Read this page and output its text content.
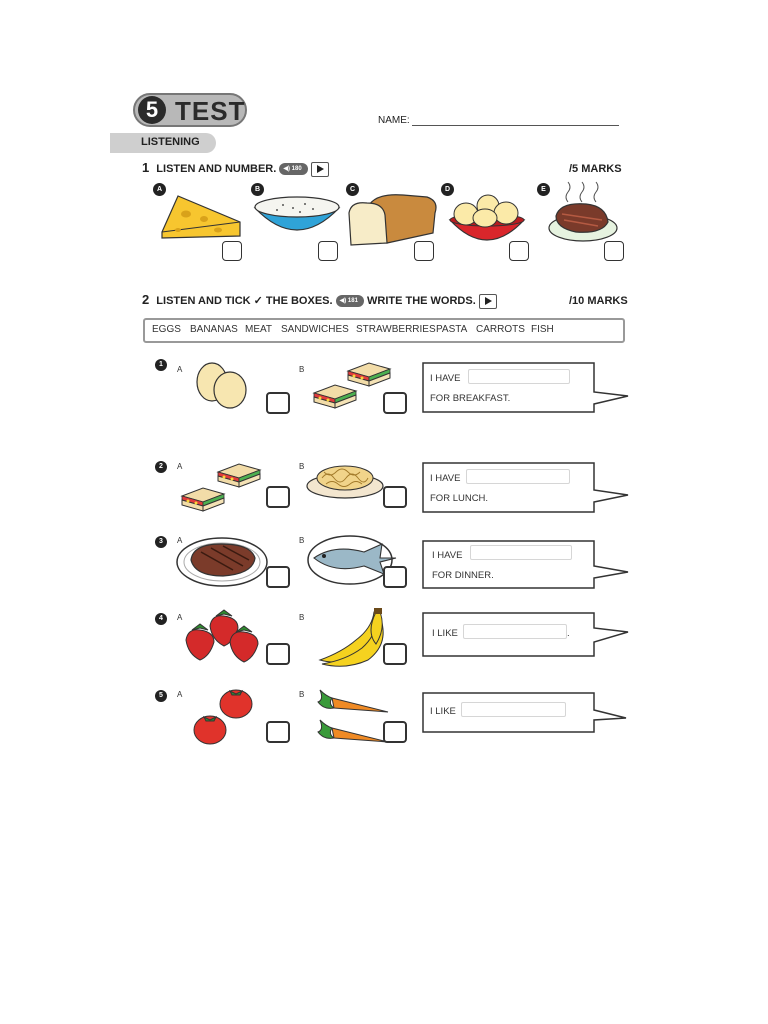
5 TEST	NAME:
LISTENING
1 LISTEN AND NUMBER. ◀) 180	/5 MARKS
A	B	C	D	E
2 LISTEN AND TICK ✓ THE BOXES. ◀) 181 WRITE THE WORDS.	/10 MARKS
EGGS BANANAS MEAT SANDWICHES STRAWBERRIES PASTA CARROTS FISH
1
A	B
I HAVE
FOR BREAKFAST.
2	A	B
I HAVE
FOR LUNCH.
3	A	B
I HAVE
FOR DINNER.
4	A	B
I LIKE	.
5	A	B
I LIKE
